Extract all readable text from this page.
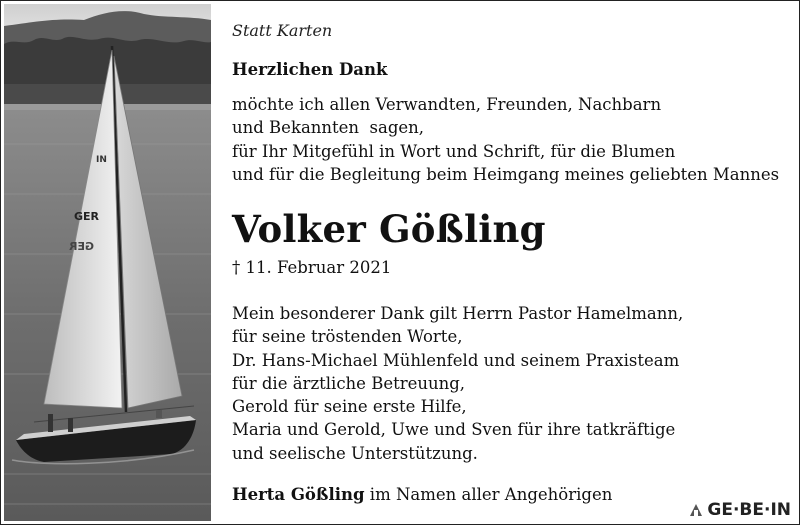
IN
GER
GER
Statt Karten
Herzlichen Dank
möchte ich allen Verwandten, Freunden, Nachbarn
und Bekannten  sagen,
für Ihr Mitgefühl in Wort und Schrift, für die Blumen
und für die Begleitung beim Heimgang meines geliebten Mannes
Volker Gößling
† 11. Februar 2021
Mein besonderer Dank gilt Herrn Pastor Hamelmann,
für seine tröstenden Worte,
Dr. Hans-Michael Mühlenfeld und seinem Praxisteam
für die ärztliche Betreuung,
Gerold für seine erste Hilfe,
Maria und Gerold, Uwe und Sven für ihre tatkräftige
und seelische Unterstützung.
Herta Gößling im Namen aller Angehörigen
GE·BE·IN
